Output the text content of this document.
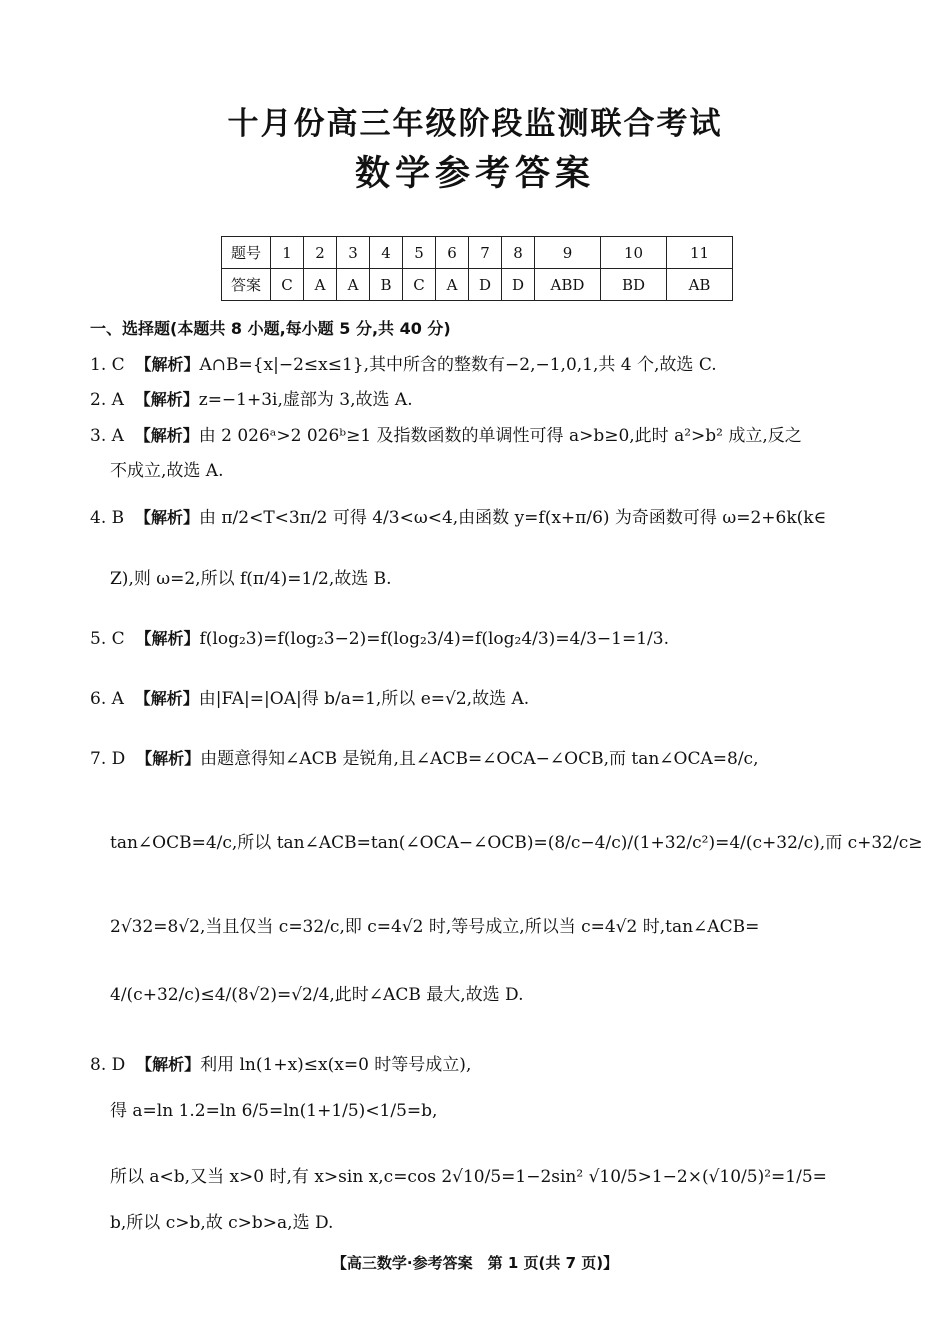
十月份高三年级阶段监测联合考试
数学参考答案
题号	1	2	3	4	5	6	7	8	9	10	11
答案	C	A	A	B	C	A	D	D	ABD	BD	AB
一、选择题(本题共 8 小题,每小题 5 分,共 40 分)
1. C 【解析】A∩B={x|−2≤x≤1},其中所含的整数有−2,−1,0,1,共 4 个,故选 C.
2. A 【解析】z=−1+3i,虚部为 3,故选 A.
3. A 【解析】由 2 026ᵃ>2 026ᵇ≥1 及指数函数的单调性可得 a>b≥0,此时 a²>b² 成立,反之
不成立,故选 A.
4. B 【解析】由 π/2<T<3π/2 可得 4/3<ω<4,由函数 y=f(x+π/6) 为奇函数可得 ω=2+6k(k∈
Z),则 ω=2,所以 f(π/4)=1/2,故选 B.
5. C 【解析】f(log₂3)=f(log₂3−2)=f(log₂3/4)=f(log₂4/3)=4/3−1=1/3.
6. A 【解析】由|FA|=|OA|得 b/a=1,所以 e=√2,故选 A.
7. D 【解析】由题意得知∠ACB 是锐角,且∠ACB=∠OCA−∠OCB,而 tan∠OCA=8/c,
tan∠OCB=4/c,所以 tan∠ACB=tan(∠OCA−∠OCB)=(8/c−4/c)/(1+32/c²)=4/(c+32/c),而 c+32/c≥
2√32=8√2,当且仅当 c=32/c,即 c=4√2 时,等号成立,所以当 c=4√2 时,tan∠ACB=
4/(c+32/c)≤4/(8√2)=√2/4,此时∠ACB 最大,故选 D.
8. D 【解析】利用 ln(1+x)≤x(x=0 时等号成立),
得 a=ln 1.2=ln 6/5=ln(1+1/5)<1/5=b,
所以 a<b,又当 x>0 时,有 x>sin x,c=cos 2√10/5=1−2sin² √10/5>1−2×(√10/5)²=1/5=
b,所以 c>b,故 c>b>a,选 D.
【高三数学·参考答案　第 1 页(共 7 页)】
